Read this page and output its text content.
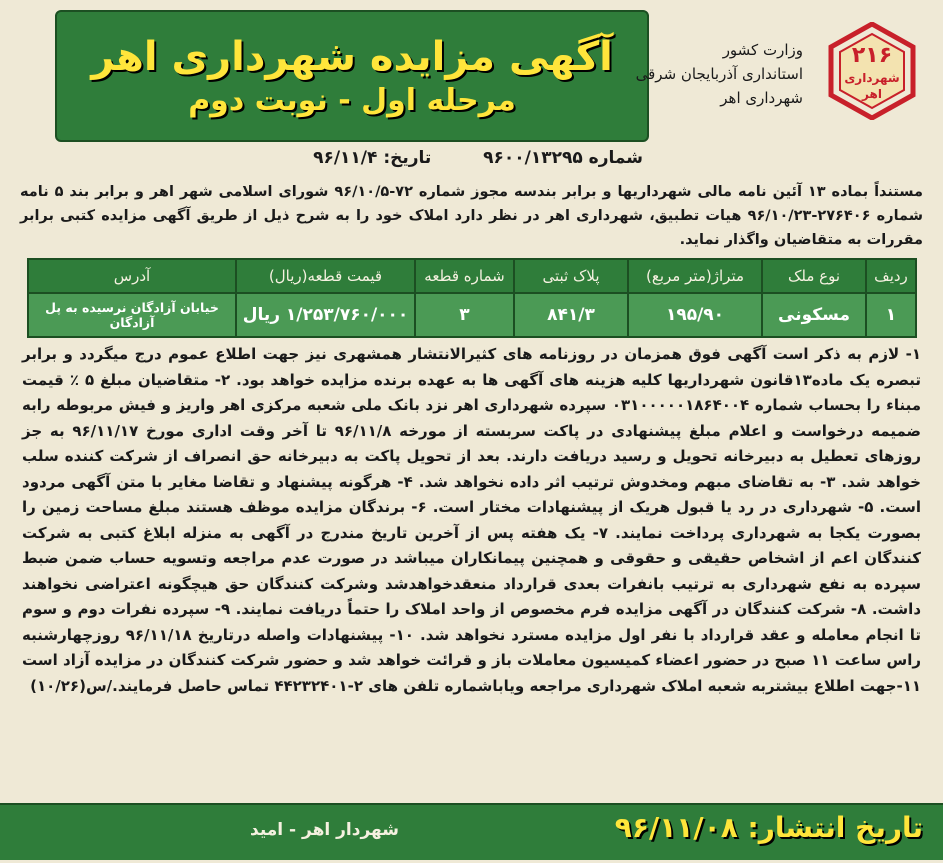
آگهی مزایده شهرداری اهر
مرحله اول - نوبت دوم
۲۱۶
شهرداری
اهر
وزارت کشور
استانداری آذربایجان شرقی
شهرداری اهر
شماره ۹۶۰۰/۱۳۲۹۵  تاریخ: ۹۶/۱۱/۴
مستنداً بماده ۱۳ آئین نامه مالی شهرداریها و برابر بندسه مجوز شماره ۷۲-۹۶/۱۰/۵ شورای اسلامی شهر اهر و برابر بند ۵ نامه شماره ۲۷۶۴۰۶-۹۶/۱۰/۲۳ هیات تطبیق، شهرداری اهر در نظر دارد املاک خود را به شرح ذیل از طریق آگهی مزایده کتبی برابر مقررات به متقاضیان واگذار نماید.
ردیف	نوع ملک	متراژ(متر مربع)	پلاک ثبتی	شماره قطعه	قیمت قطعه(ریال)	آدرس
۱	مسکونی	۱۹۵/۹۰	۸۴۱/۳	۳	۱/۲۵۳/۷۶۰/۰۰۰ ریال	خیابان آزادگان نرسیده به پل آزادگان
۱- لازم به ذکر است آگهی فوق همزمان در روزنامه های کثیرالانتشار همشهری نیز جهت اطلاع عموم درج میگردد و برابر تبصره یک ماده۱۳قانون شهرداریها کلیه هزینه های آگهی ها به عهده برنده مزایده خواهد بود. ۲- متقاضیان مبلغ ۵ ٪ قیمت مبناء را بحساب شماره ۰۳۱۰۰۰۰۰۱۸۶۴۰۰۴ سپرده شهرداری اهر نزد بانک ملی شعبه مرکزی اهر واریز و فیش مربوطه رابه ضمیمه درخواست و اعلام مبلغ پیشنهادی در پاکت سربسته از مورخه ۹۶/۱۱/۸ تا آخر وقت اداری مورخ ۹۶/۱۱/۱۷ به جز روزهای تعطیل به دبیرخانه تحویل و رسید دریافت دارند. بعد از تحویل پاکت به دبیرخانه حق انصراف از شرکت کننده سلب خواهد شد. ۳- به تقاضای مبهم ومخدوش ترتیب اثر داده نخواهد شد. ۴- هرگونه پیشنهاد و تقاضا مغایر با متن آگهی مردود است. ۵- شهرداری در رد یا قبول هریک از پیشنهادات مختار است. ۶- برندگان مزایده موظف هستند مبلغ مساحت زمین را بصورت یکجا به شهرداری پرداخت نمایند. ۷- یک هفته پس از آخرین تاریخ مندرج در آگهی به منزله ابلاغ کتبی به شرکت کنندگان اعم از اشخاص حقیقی و حقوقی و همچنین پیمانکاران میباشد در صورت عدم مراجعه وتسویه حساب ضمن ضبط سپرده به نفع شهرداری به ترتیب بانفرات بعدی قرارداد منعقدخواهدشد وشرکت کنندگان حق هیچگونه اعتراضی نخواهند داشت. ۸- شرکت کنندگان در آگهی مزایده فرم مخصوص از واحد املاک را حتماً دریافت نمایند. ۹- سپرده نفرات دوم و سوم تا انجام معامله و عقد قرارداد با نفر اول مزایده مسترد نخواهد شد. ۱۰- پیشنهادات واصله درتاریخ ۹۶/۱۱/۱۸ روزچهارشنبه راس ساعت ۱۱ صبح در حضور اعضاء کمیسیون معاملات باز و قرائت خواهد شد و حضور شرکت کنندگان در مزایده آزاد است ۱۱-جهت اطلاع بیشتربه شعبه املاک شهرداری مراجعه ویاباشماره تلفن های ۲-۴۴۲۳۲۴۰۱ تماس حاصل فرمایند./س(۱۰/۲۶)
تاریخ انتشار: ۹۶/۱۱/۰۸
شهردار اهر - امید
